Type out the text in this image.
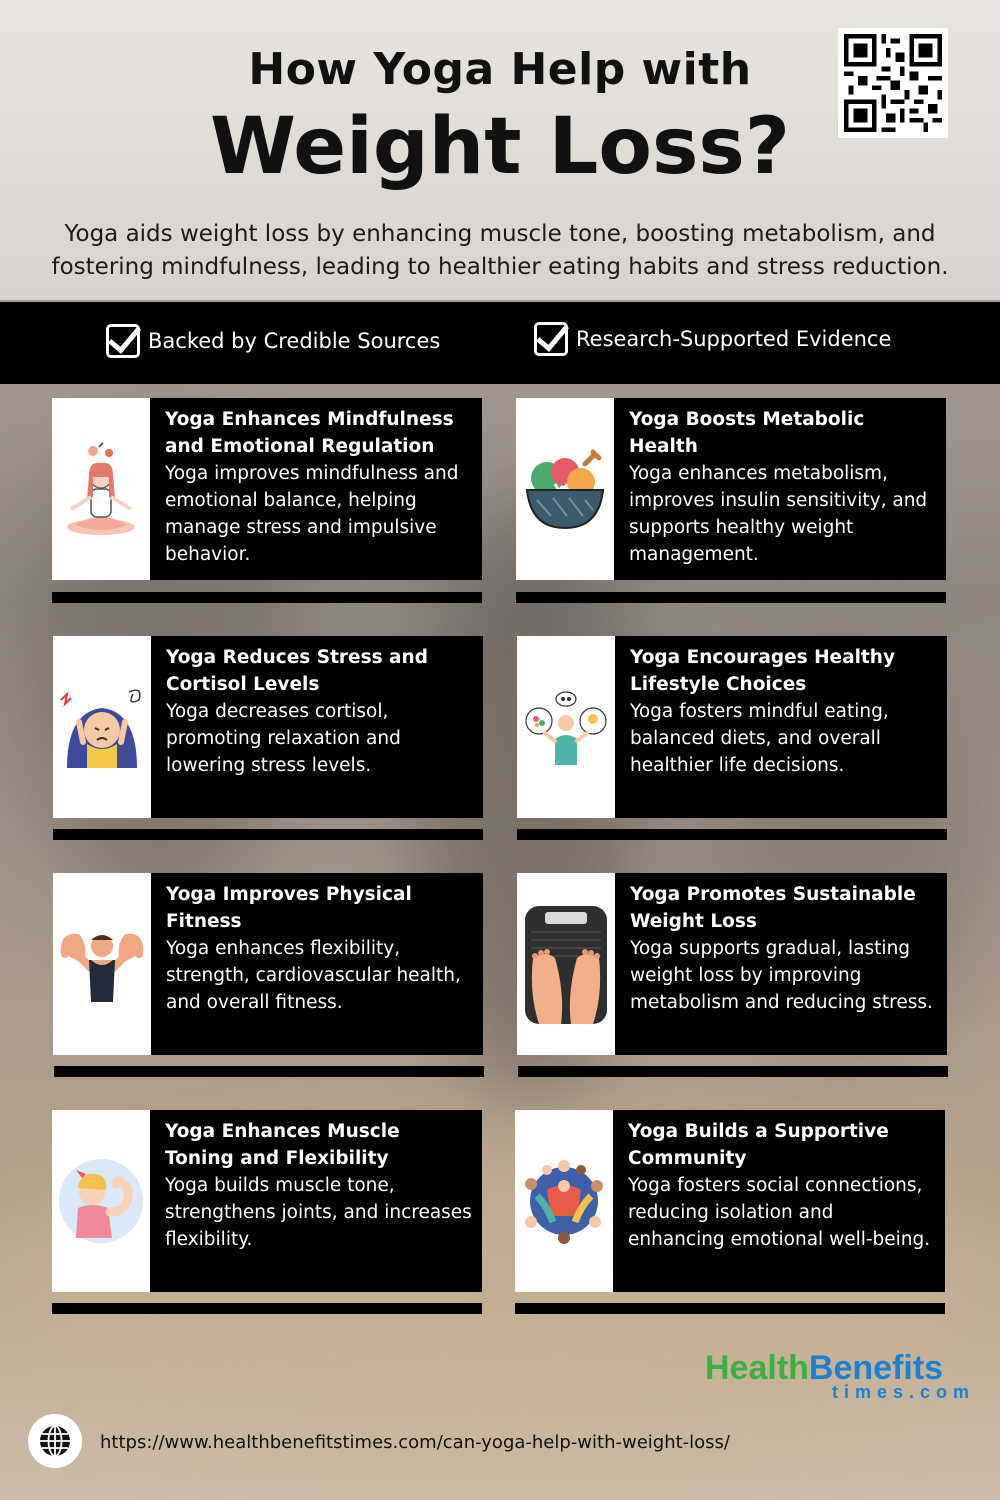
How Yoga Help with
Weight Loss?
Yoga aids weight loss by enhancing muscle tone, boosting metabolism, and fostering mindfulness, leading to healthier eating habits and stress reduction.
Backed by Credible Sources	Research-Supported Evidence
Yoga Enhances Mindfulness and Emotional Regulation
Yoga improves mindfulness and emotional balance, helping manage stress and impulsive behavior.
Yoga Boosts Metabolic Health
Yoga enhances metabolism, improves insulin sensitivity, and supports healthy weight management.
Yoga Reduces Stress and Cortisol Levels
Yoga decreases cortisol, promoting relaxation and lowering stress levels.
Yoga Encourages Healthy Lifestyle Choices
Yoga fosters mindful eating, balanced diets, and overall healthier life decisions.
Yoga Improves Physical Fitness
Yoga enhances flexibility, strength, cardiovascular health, and overall fitness.
Yoga Promotes Sustainable Weight Loss
Yoga supports gradual, lasting weight loss by improving metabolism and reducing stress.
Yoga Enhances Muscle Toning and Flexibility
Yoga builds muscle tone, strengthens joints, and increases flexibility.
Yoga Builds a Supportive Community
Yoga fosters social connections, reducing isolation and enhancing emotional well-being.
HealthBenefits
times.com
https://www.healthbenefitstimes.com/can-yoga-help-with-weight-loss/
